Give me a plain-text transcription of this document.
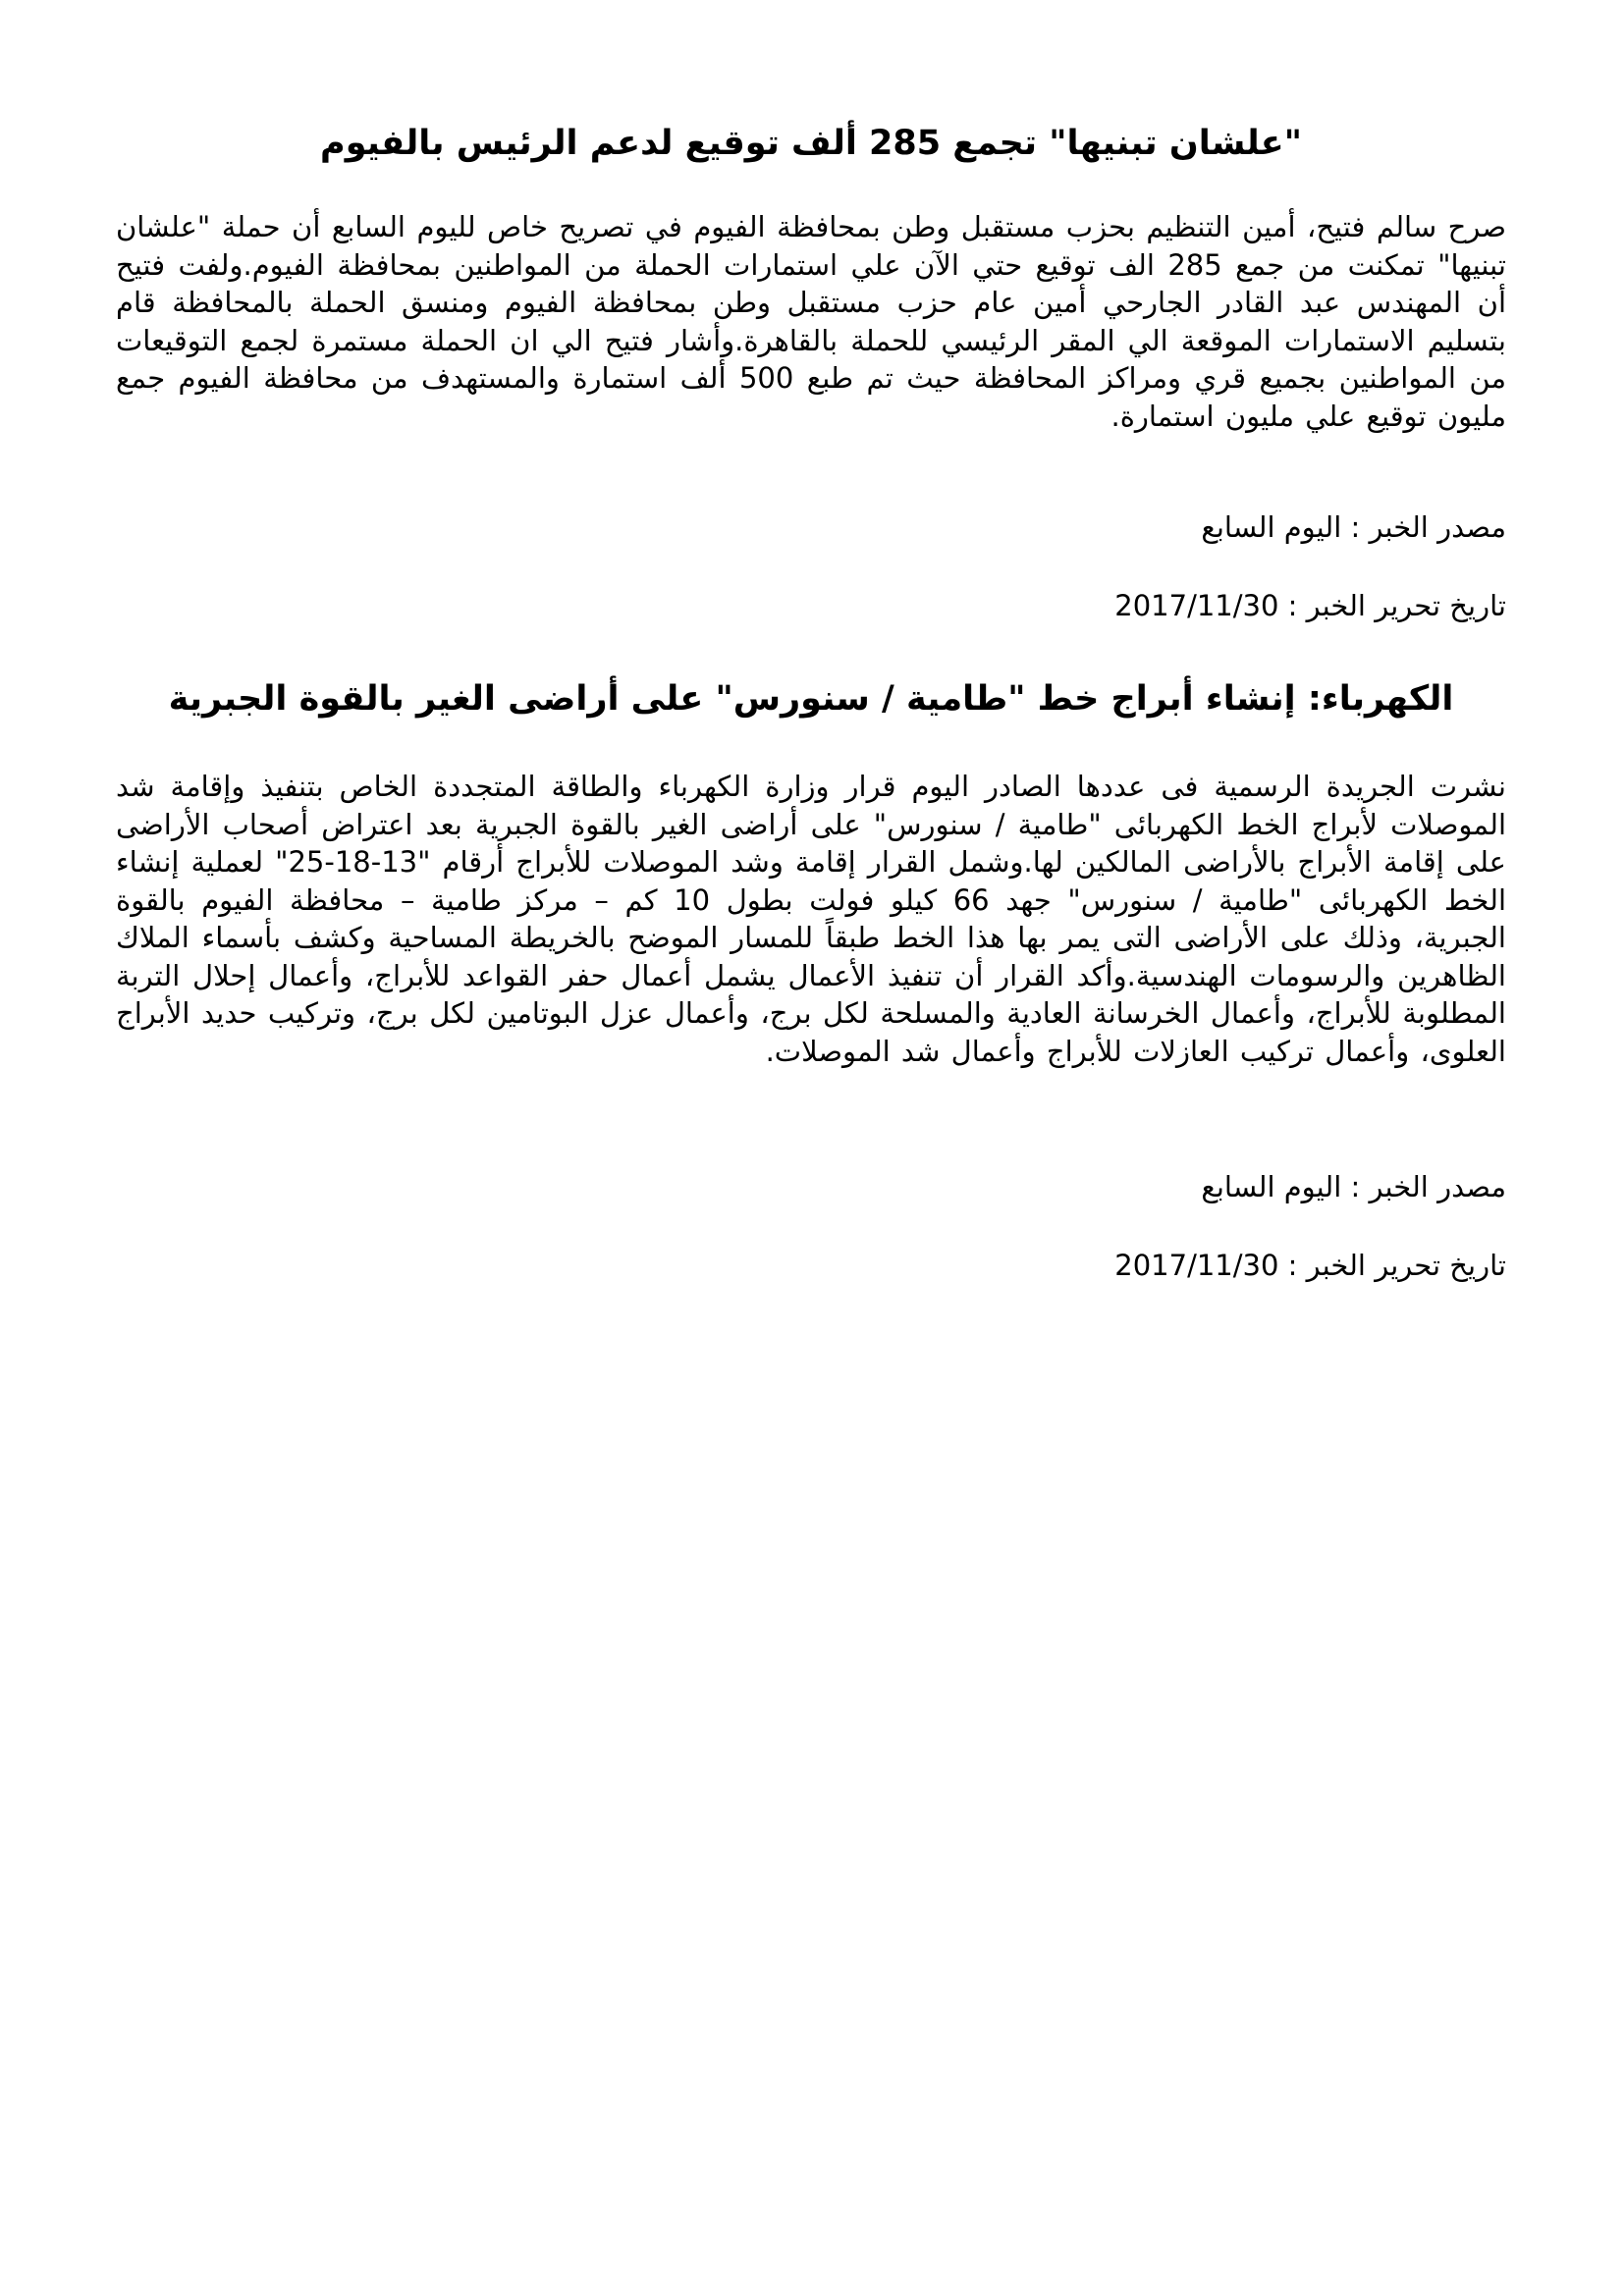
"علشان تبنيها" تجمع 285 ألف توقيع لدعم الرئيس بالفيوم

صرح سالم فتيح، أمين التنظيم بحزب مستقبل وطن بمحافظة الفيوم في تصريح خاص لليوم السابع أن حملة "علشان تبنيها" تمكنت من جمع 285 الف توقيع حتي الآن علي استمارات الحملة من المواطنين بمحافظة الفيوم.ولفت فتيح أن المهندس عبد القادر الجارحي أمين عام حزب مستقبل وطن بمحافظة الفيوم ومنسق الحملة بالمحافظة قام بتسليم الاستمارات الموقعة الي المقر الرئيسي للحملة بالقاهرة.وأشار فتيح الي ان الحملة مستمرة لجمع التوقيعات من المواطنين بجميع قري ومراكز المحافظة حيث تم طبع 500 ألف استمارة والمستهدف من محافظة الفيوم جمع مليون توقيع علي مليون استمارة.

مصدر الخبر : اليوم السابع

تاريخ تحرير الخبر : 2017/11/30

الكهرباء: إنشاء أبراج خط "طامية / سنورس" على أراضى الغير بالقوة الجبرية

نشرت الجريدة الرسمية فى عددها الصادر اليوم قرار وزارة الكهرباء والطاقة المتجددة الخاص بتنفيذ وإقامة شد الموصلات لأبراج الخط الكهربائى "طامية / سنورس" على أراضى الغير بالقوة الجبرية بعد اعتراض أصحاب الأراضى على إقامة الأبراج بالأراضى المالكين لها.وشمل القرار إقامة وشد الموصلات للأبراج أرقام "13-18-25" لعملية إنشاء الخط الكهربائى "طامية / سنورس" جهد 66 كيلو فولت بطول 10 كم – مركز طامية – محافظة الفيوم بالقوة الجبرية، وذلك على الأراضى التى يمر بها هذا الخط طبقاً للمسار الموضح بالخريطة المساحية وكشف بأسماء الملاك الظاهرين والرسومات الهندسية.وأكد القرار أن تنفيذ الأعمال يشمل أعمال حفر القواعد للأبراج، وأعمال إحلال التربة المطلوبة للأبراج، وأعمال الخرسانة العادية والمسلحة لكل برج، وأعمال عزل البوتامين لكل برج، وتركيب حديد الأبراج العلوى، وأعمال تركيب العازلات للأبراج وأعمال شد الموصلات.

مصدر الخبر : اليوم السابع

تاريخ تحرير الخبر : 2017/11/30
